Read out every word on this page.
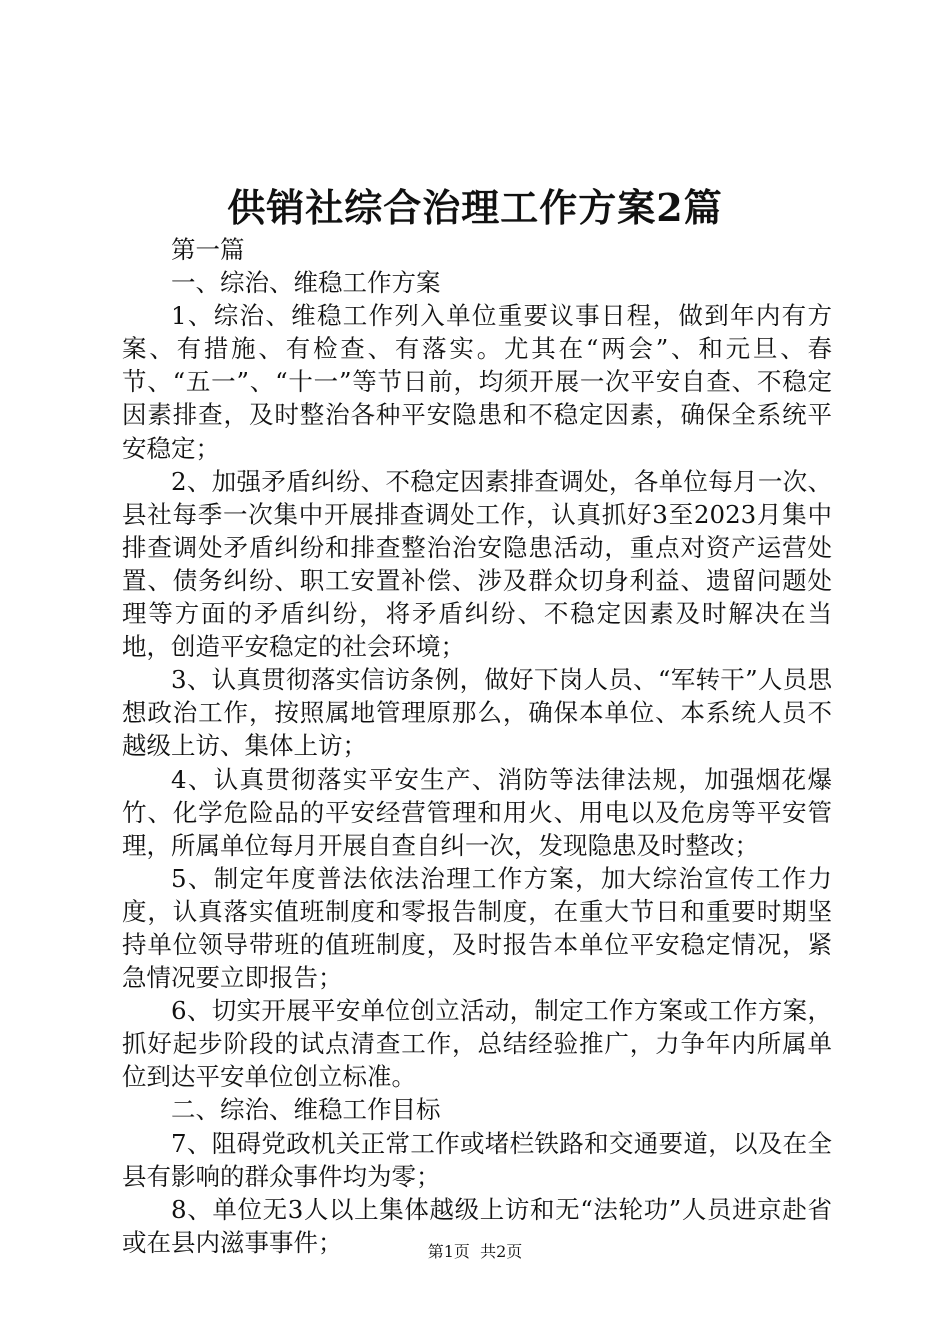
供销社综合治理工作方案2篇

第一篇

一、综治、维稳工作方案

1、综治、维稳工作列入单位重要议事日程，做到年内有方案、有措施、有检查、有落实。尤其在“两会”、和元旦、春节、“五一”、“十一”等节日前，均须开展一次平安自查、不稳定因素排查，及时整治各种平安隐患和不稳定因素，确保全系统平安稳定；

2、加强矛盾纠纷、不稳定因素排查调处，各单位每月一次、县社每季一次集中开展排查调处工作，认真抓好3至2023月集中排查调处矛盾纠纷和排查整治治安隐患活动，重点对资产运营处置、债务纠纷、职工安置补偿、涉及群众切身利益、遗留问题处理等方面的矛盾纠纷，将矛盾纠纷、不稳定因素及时解决在当地，创造平安稳定的社会环境；

3、认真贯彻落实信访条例，做好下岗人员、“军转干”人员思想政治工作，按照属地管理原那么，确保本单位、本系统人员不越级上访、集体上访；

4、认真贯彻落实平安生产、消防等法律法规，加强烟花爆竹、化学危险品的平安经营管理和用火、用电以及危房等平安管理，所属单位每月开展自查自纠一次，发现隐患及时整改；

5、制定年度普法依法治理工作方案，加大综治宣传工作力度，认真落实值班制度和零报告制度，在重大节日和重要时期坚持单位领导带班的值班制度，及时报告本单位平安稳定情况，紧急情况要立即报告；

6、切实开展平安单位创立活动，制定工作方案或工作方案，抓好起步阶段的试点清查工作，总结经验推广，力争年内所属单位到达平安单位创立标准。

二、综治、维稳工作目标

7、阻碍党政机关正常工作或堵栏铁路和交通要道，以及在全县有影响的群众事件均为零；

8、单位无3人以上集体越级上访和无“法轮功”人员进京赴省或在县内滋事事件；	第1页  共2页
